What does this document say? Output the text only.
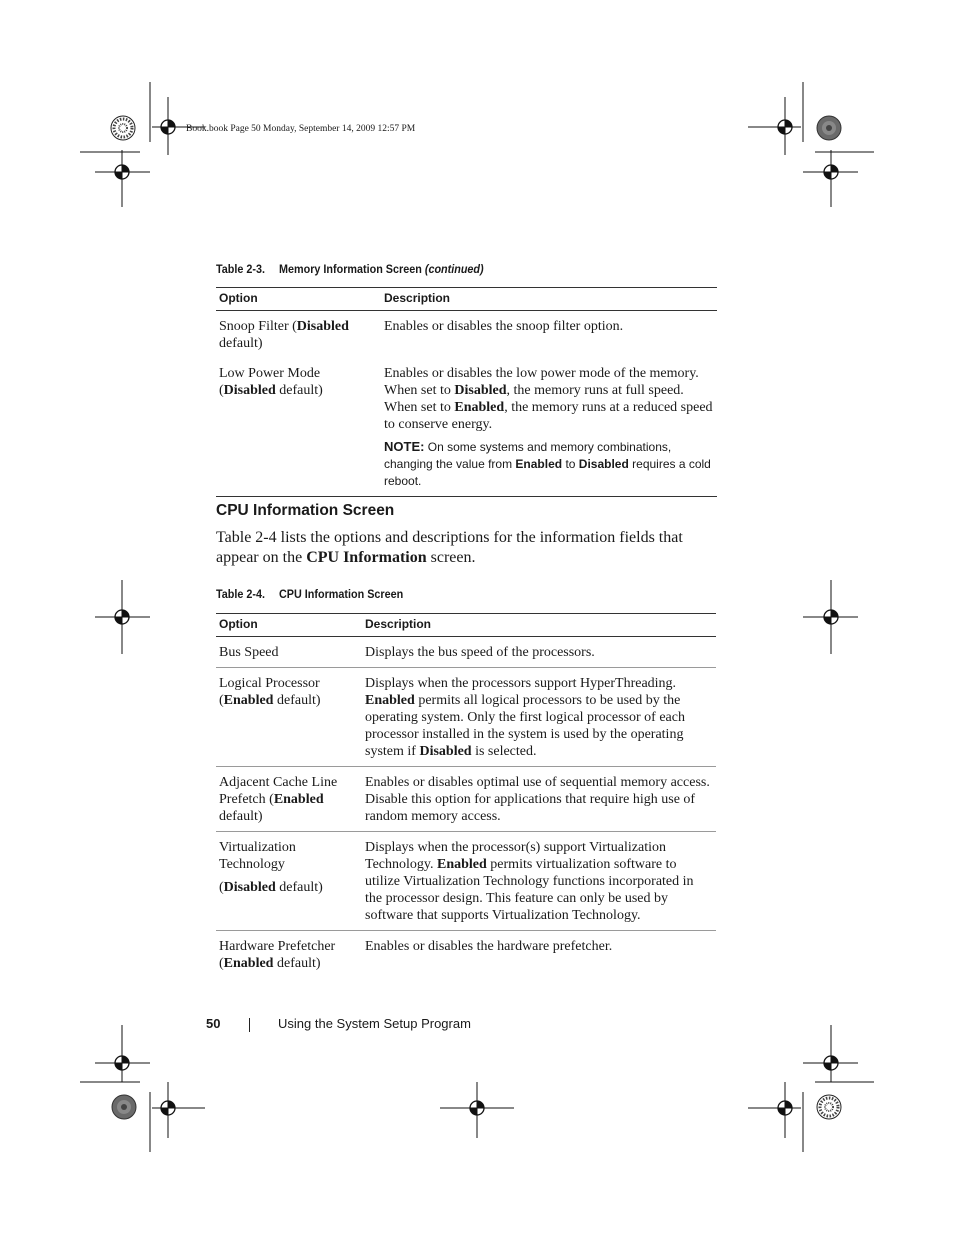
Book.book Page 50 Monday, September 14, 2009 12:57 PM
Table 2-3. Memory Information Screen (continued)
Option	Description
Snoop Filter (Disabled default)	Enables or disables the snoop filter option.
Low Power Mode (Disabled default)	Enables or disables the low power mode of the memory. When set to Disabled, the memory runs at full speed. When set to Enabled, the memory runs at a reduced speed to conserve energy.
NOTE: On some systems and memory combinations, changing the value from Enabled to Disabled requires a cold reboot.
CPU Information Screen
Table 2-4 lists the options and descriptions for the information fields that appear on the CPU Information screen.
Table 2-4. CPU Information Screen
Option	Description
Bus Speed	Displays the bus speed of the processors.
Logical Processor (Enabled default)	Displays when the processors support HyperThreading. Enabled permits all logical processors to be used by the operating system. Only the first logical processor of each processor installed in the system is used by the operating system if Disabled is selected.
Adjacent Cache Line Prefetch (Enabled default)	Enables or disables optimal use of sequential memory access. Disable this option for applications that require high use of random memory access.

Virtualization Technology
(Disabled default)	Displays when the processor(s) support Virtualization Technology. Enabled permits virtualization software to utilize Virtualization Technology functions incorporated in the processor design. This feature can only be used by software that supports Virtualization Technology.
Hardware Prefetcher (Enabled default)	Enables or disables the hardware prefetcher.
50	Using the System Setup Program
